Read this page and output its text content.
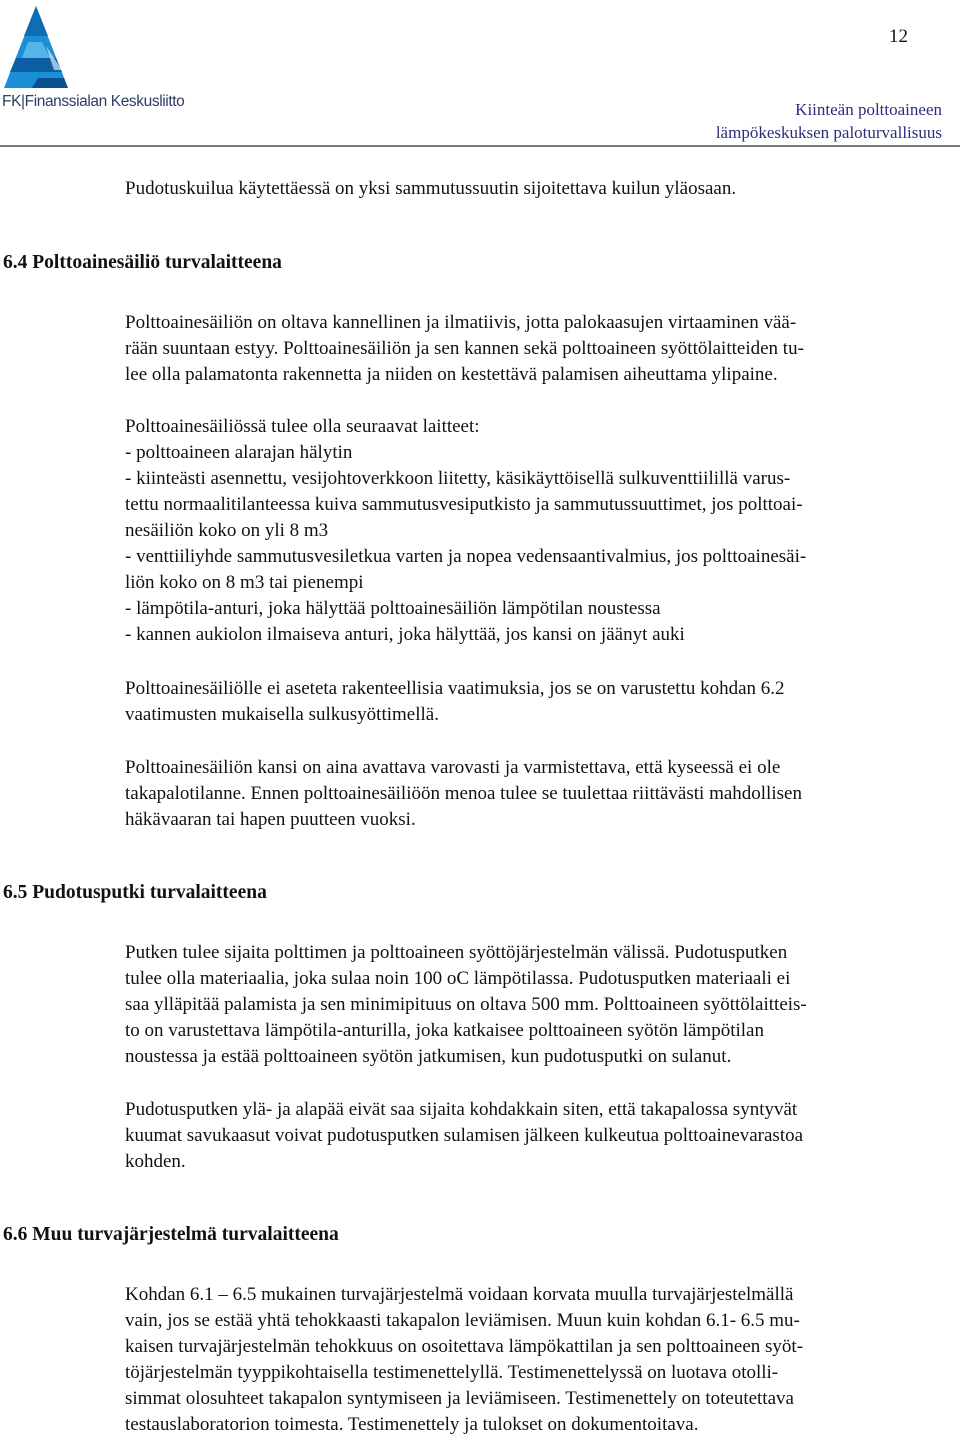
FK|Finanssialan Keskusliitto
12
Kiinteän polttoaineen
lämpökeskuksen paloturvallisuus

Pudotuskuilua käytettäessä on yksi sammutussuutin sijoitettava kuilun yläosaan.

6.4 Polttoainesäiliö turvalaitteena

Polttoainesäiliön on oltava kannellinen ja ilmatiivis, jotta palokaasujen virtaaminen vää-
rään suuntaan estyy. Polttoainesäiliön ja sen kannen sekä polttoaineen syöttölaitteiden tu-
lee olla palamatonta rakennetta ja niiden on kestettävä palamisen aiheuttama ylipaine.

Polttoainesäiliössä tulee olla seuraavat laitteet:
- polttoaineen alarajan hälytin
- kiinteästi asennettu, vesijohtoverkkoon liitetty, käsikäyttöisellä sulkuventtiilillä varus-
tettu normaalitilanteessa kuiva sammutusvesiputkisto ja sammutussuuttimet, jos polttoai-
nesäiliön koko on yli 8 m3
- venttiiliyhde sammutusvesiletkua varten ja nopea vedensaantivalmius, jos polttoainesäi-
liön koko on 8 m3 tai pienempi
- lämpötila-anturi, joka hälyttää polttoainesäiliön lämpötilan noustessa
- kannen aukiolon ilmaiseva anturi, joka hälyttää, jos kansi on jäänyt auki

Polttoainesäiliölle ei aseteta rakenteellisia vaatimuksia, jos se on varustettu kohdan 6.2
vaatimusten mukaisella sulkusyöttimellä.

Polttoainesäiliön kansi on aina avattava varovasti ja varmistettava, että kyseessä ei ole
takapalotilanne. Ennen polttoainesäiliöön menoa tulee se tuulettaa riittävästi mahdollisen
häkävaaran tai hapen puutteen vuoksi.

6.5 Pudotusputki turvalaitteena

Putken tulee sijaita polttimen ja polttoaineen syöttöjärjestelmän välissä. Pudotusputken
tulee olla materiaalia, joka sulaa noin 100 oC lämpötilassa. Pudotusputken materiaali ei
saa ylläpitää palamista ja sen minimipituus on oltava 500 mm. Polttoaineen syöttölaitteis-
to on varustettava lämpötila-anturilla, joka katkaisee polttoaineen syötön lämpötilan
noustessa ja estää polttoaineen syötön jatkumisen, kun pudotusputki on sulanut.

Pudotusputken ylä- ja alapää eivät saa sijaita kohdakkain siten, että takapalossa syntyvät
kuumat savukaasut voivat pudotusputken sulamisen jälkeen kulkeutua polttoainevarastoa
kohden.

6.6 Muu turvajärjestelmä turvalaitteena

Kohdan 6.1 – 6.5 mukainen turvajärjestelmä voidaan korvata muulla turvajärjestelmällä
vain, jos se estää yhtä tehokkaasti takapalon leviämisen. Muun kuin kohdan 6.1- 6.5 mu-
kaisen turvajärjestelmän tehokkuus on osoitettava lämpökattilan ja sen polttoaineen syöt-
töjärjestelmän tyyppikohtaisella testimenettelyllä. Testimenettelyssä on luotava otolli-
simmat olosuhteet takapalon syntymiseen ja leviämiseen. Testimenettely on toteutettava
testauslaboratorion toimesta. Testimenettely ja tulokset on dokumentoitava.
